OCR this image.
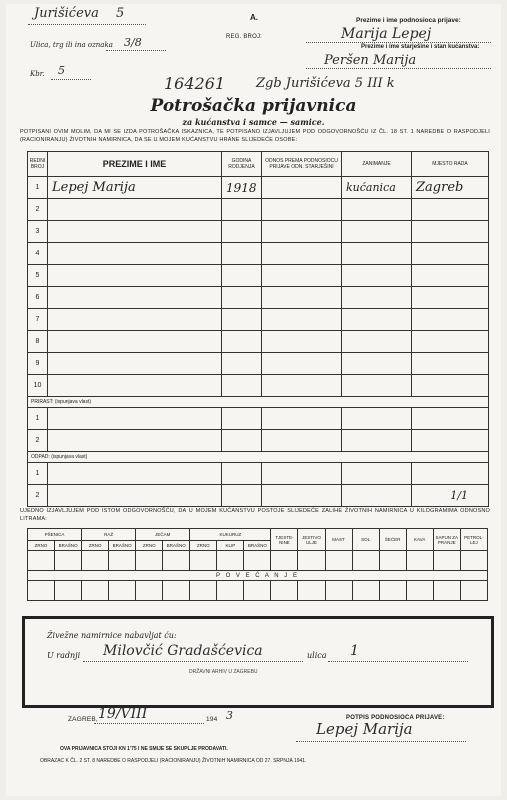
Jurišićeva 5	A.
Ulica, trg ili ina oznaka 3/8
Kbr. 5
REG. BROJ:
Prezime i ime podnosioca prijave:
Marija Lepej
Prezime i ime starješine i stan kućanstva:
Peršen Marija
164261 Zgb Jurišićeva 5 III k
Potrošačka prijavnica
za kućanstva i samce — samice.
POTPISANI OVIM MOLIM, DA MI SE IZDA POTROŠAČKA ISKAZNICA, TE POTPISANO IZJAVLJUJEM POD ODGOVORNOŠĆU IZ ČL. 18 ST. 1 NAREDBE O RASPODJELI (RACIONIRANJU) ŽIVOTNIH NAMIRNICA, DA SE U MOJEM KUĆANSTVU HRANE SLIJEDEĆE OSOBE:
REDNI BROJ	PREZIME I IME	GODINA RODJENJA	ODNOS PREMA PODNOSIOCU PRIJAVE ODN. STARJEŠINI	ZANIMANJE	MJESTO RADA
1	Lepej Marija	1918		kućanica	Zagreb
2					
3					
4					
5					
6					
7					
8					
9					
10					
PRIRAST: (ispunjava vlast)					
1					
2					
ODPAD: (ispunjava vlast)					
1					
2					1/1
UJEDNO IZJAVLJUJEM POD ISTOM ODGOVORNOŠĆU, DA U MOJEM KUĆANSTVU POSTOJE SLIJEDEĆE ZALIHE ŽIVOTNIH NAMIRNICA U KILOGRAMIMA ODNOSNO LITRAMA:
PŠENICA		RAŽ		JEČAM		KUKURUZ			TJESTE-NINE	JESTIVO ULJE	MAST	SOL	ŠEĆER	KAVA	SAPUN ZA PRANJE	PETROL-LEJ
ZRNO	BRAŠNO	ZRNO	BRAŠNO	ZRNO	BRAŠNO	ZRNO	KLIP	BRAŠNO								

P O V E Ć A N J E																

Živežne namirnice nabavljat ću:
U radnji Milovčić Gradašćevica	ulica 1
DRŽAVNI ARHIV U ZAGREBU
ZAGREB, 19/VIII	194 3	POTPIS PODNOSIOCA PRIJAVE:
Lepej Marija
OVA PRIJAVNICA STOJI KN 1'75 I NE SMIJE SE SKUPLJE PRODAVATI.
OBRAZAC K ČL. 2 ST. 8 NAREDBE O RASPODJELI (RACIONIRANJU) ŽIVOTNIH NAMIRNICA OD 27. SRPNJA 1941.
